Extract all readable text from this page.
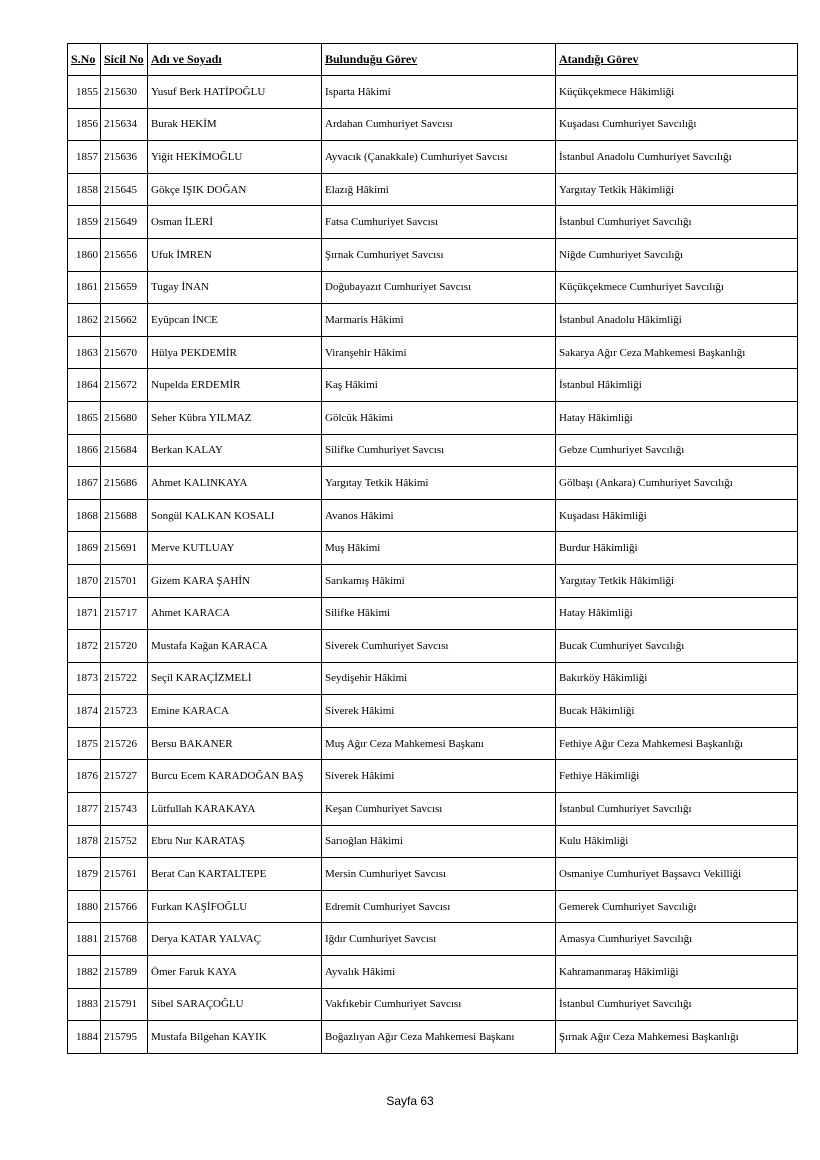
S.No	Sicil No	Adı ve Soyadı	Bulunduğu Görev	Atandığı Görev
1855	215630	Yusuf Berk HATİPOĞLU	Isparta Hâkimi	Küçükçekmece Hâkimliği
1856	215634	Burak HEKİM	Ardahan Cumhuriyet Savcısı	Kuşadası Cumhuriyet Savcılığı
1857	215636	Yiğit HEKİMOĞLU	Ayvacık (Çanakkale) Cumhuriyet Savcısı	İstanbul Anadolu Cumhuriyet Savcılığı
1858	215645	Gökçe IŞIK DOĞAN	Elazığ Hâkimi	Yargıtay Tetkik Hâkimliği
1859	215649	Osman İLERİ	Fatsa Cumhuriyet Savcısı	İstanbul Cumhuriyet Savcılığı
1860	215656	Ufuk İMREN	Şırnak Cumhuriyet Savcısı	Niğde Cumhuriyet Savcılığı
1861	215659	Tugay İNAN	Doğubayazıt Cumhuriyet Savcısı	Küçükçekmece Cumhuriyet Savcılığı
1862	215662	Eyüpcan İNCE	Marmaris Hâkimi	İstanbul Anadolu Hâkimliği
1863	215670	Hülya PEKDEMİR	Viranşehir Hâkimi	Sakarya Ağır Ceza Mahkemesi Başkanlığı
1864	215672	Nupelda ERDEMİR	Kaş Hâkimi	İstanbul Hâkimliği
1865	215680	Seher Kübra YILMAZ	Gölcük Hâkimi	Hatay Hâkimliği
1866	215684	Berkan KALAY	Silifke Cumhuriyet Savcısı	Gebze Cumhuriyet Savcılığı
1867	215686	Ahmet KALINKAYA	Yargıtay Tetkik Hâkimi	Gölbaşı (Ankara) Cumhuriyet Savcılığı
1868	215688	Songül KALKAN KOSALI	Avanos Hâkimi	Kuşadası Hâkimliği
1869	215691	Merve KUTLUAY	Muş Hâkimi	Burdur Hâkimliği
1870	215701	Gizem KARA ŞAHİN	Sarıkamış Hâkimi	Yargıtay Tetkik Hâkimliği
1871	215717	Ahmet KARACA	Silifke Hâkimi	Hatay Hâkimliği
1872	215720	Mustafa Kağan KARACA	Siverek Cumhuriyet Savcısı	Bucak Cumhuriyet Savcılığı
1873	215722	Seçil KARAÇİZMELİ	Seydişehir Hâkimi	Bakırköy Hâkimliği
1874	215723	Emine KARACA	Siverek Hâkimi	Bucak Hâkimliği
1875	215726	Bersu BAKANER	Muş Ağır Ceza Mahkemesi Başkanı	Fethiye Ağır Ceza Mahkemesi Başkanlığı
1876	215727	Burcu Ecem KARADOĞAN BAŞ	Siverek Hâkimi	Fethiye Hâkimliği
1877	215743	Lütfullah KARAKAYA	Keşan Cumhuriyet Savcısı	İstanbul Cumhuriyet Savcılığı
1878	215752	Ebru Nur KARATAŞ	Sarıoğlan Hâkimi	Kulu Hâkimliği
1879	215761	Berat Can KARTALTEPE	Mersin Cumhuriyet Savcısı	Osmaniye Cumhuriyet Başsavcı Vekilliği
1880	215766	Furkan KAŞİFOĞLU	Edremit Cumhuriyet Savcısı	Gemerek Cumhuriyet Savcılığı
1881	215768	Derya KATAR YALVAÇ	Iğdır Cumhuriyet Savcısı	Amasya Cumhuriyet Savcılığı
1882	215789	Ömer Faruk KAYA	Ayvalık Hâkimi	Kahramanmaraş Hâkimliği
1883	215791	Sibel SARAÇOĞLU	Vakfıkebir Cumhuriyet Savcısı	İstanbul Cumhuriyet Savcılığı
1884	215795	Mustafa Bilgehan KAYIK	Boğazlıyan Ağır Ceza Mahkemesi Başkanı	Şırnak Ağır Ceza Mahkemesi Başkanlığı
Sayfa 63
